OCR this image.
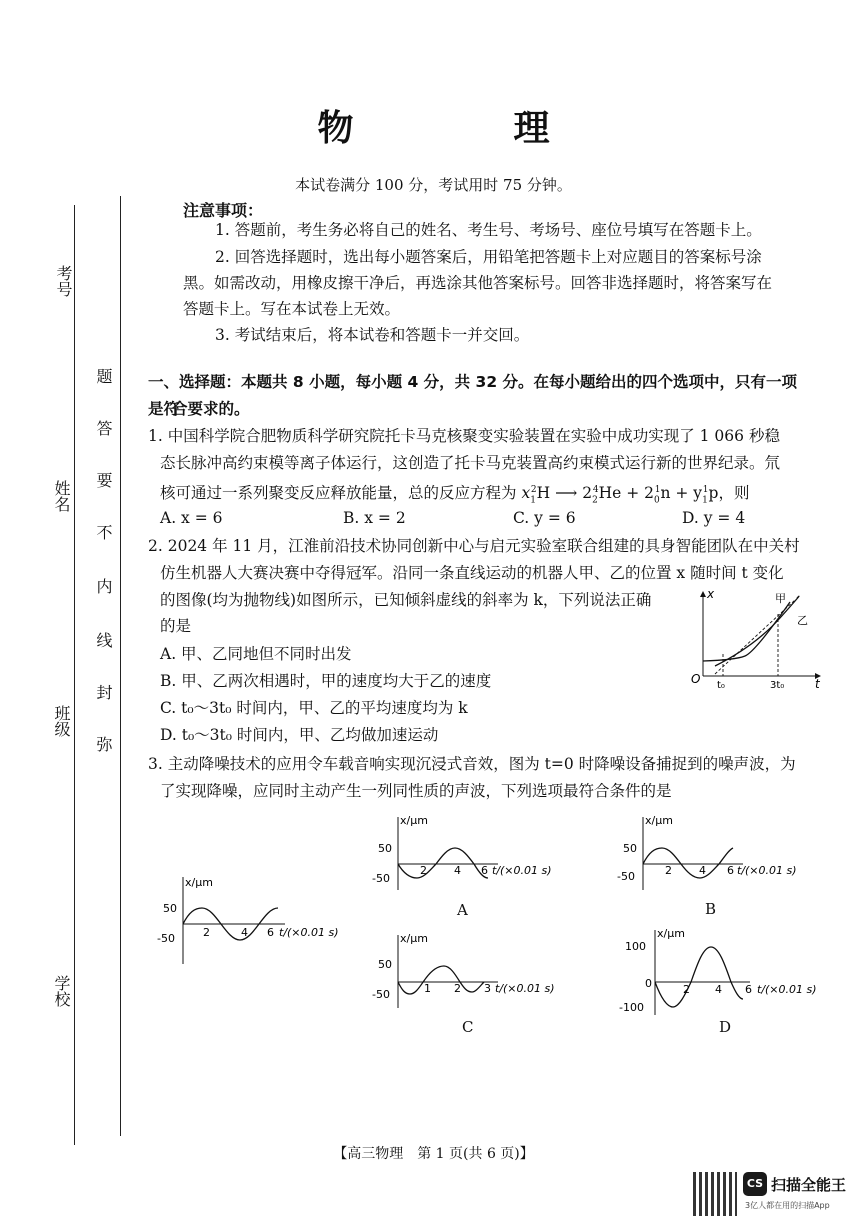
考号
姓名
班级
学校
题
答
要
不
内
线
封
弥
物　理
本试卷满分 100 分，考试用时 75 分钟。
注意事项：
1. 答题前，考生务必将自己的姓名、考生号、考场号、座位号填写在答题卡上。
2. 回答选择题时，选出每小题答案后，用铅笔把答题卡上对应题目的答案标号涂
黑。如需改动，用橡皮擦干净后，再选涂其他答案标号。回答非选择题时，将答案写在
答题卡上。写在本试卷上无效。
3. 考试结束后，将本试卷和答题卡一并交回。
一、选择题：本题共 8 小题，每小题 4 分，共 32 分。在每小题给出的四个选项中，只有一项是符
合要求的。
1. 中国科学院合肥物质科学研究院托卡马克核聚变实验装置在实验中成功实现了 1 066 秒稳
态长脉冲高约束模等离子体运行，这创造了托卡马克装置高约束模式运行新的世界纪录。氘
核可通过一系列聚变反应释放能量，总的反应方程为 $x_1^2H$ ⟶ $2_2^4He + 2_0^1n + y_1^1p$，则
A. x = 6	B. x = 2	C. y = 6	D. y = 4
2. 2024 年 11 月，江淮前沿技术协同创新中心与启元实验室联合组建的具身智能团队在中关村
仿生机器人大赛决赛中夺得冠军。沿同一条直线运动的机器人甲、乙的位置 x 随时间 t 变化
的图像(均为抛物线)如图所示，已知倾斜虚线的斜率为 k，下列说法正确
的是
A. 甲、乙同地但不同时出发
B. 甲、乙两次相遇时，甲的速度均大于乙的速度
C. t₀～3t₀ 时间内，甲、乙的平均速度均为 k
D. t₀～3t₀ 时间内，甲、乙均做加速运动
O
x
t
t₀	3t₀
甲
乙
3. 主动降噪技术的应用令车载音响实现沉浸式音效，图为 t=0 时降噪设备捕捉到的噪声波，为
了实现降噪，应同时主动产生一列同性质的声波，下列选项最符合条件的是
x/μm
50
-50	2	4 6 t/(×0.01 s)
x/μm
50
-50
2 4 6 t/(×0.01 s)
A
x/μm
50
-50	2 4 6 t/(×0.01 s)
B
x/μm
50
-50	1 2 3 t/(×0.01 s)
C
x/μm
100
-100
0	2 4 6 t/(×0.01 s)
D
【高三物理　第 1 页(共 6 页)】
CS 扫描全能王
3亿人都在用的扫描App
